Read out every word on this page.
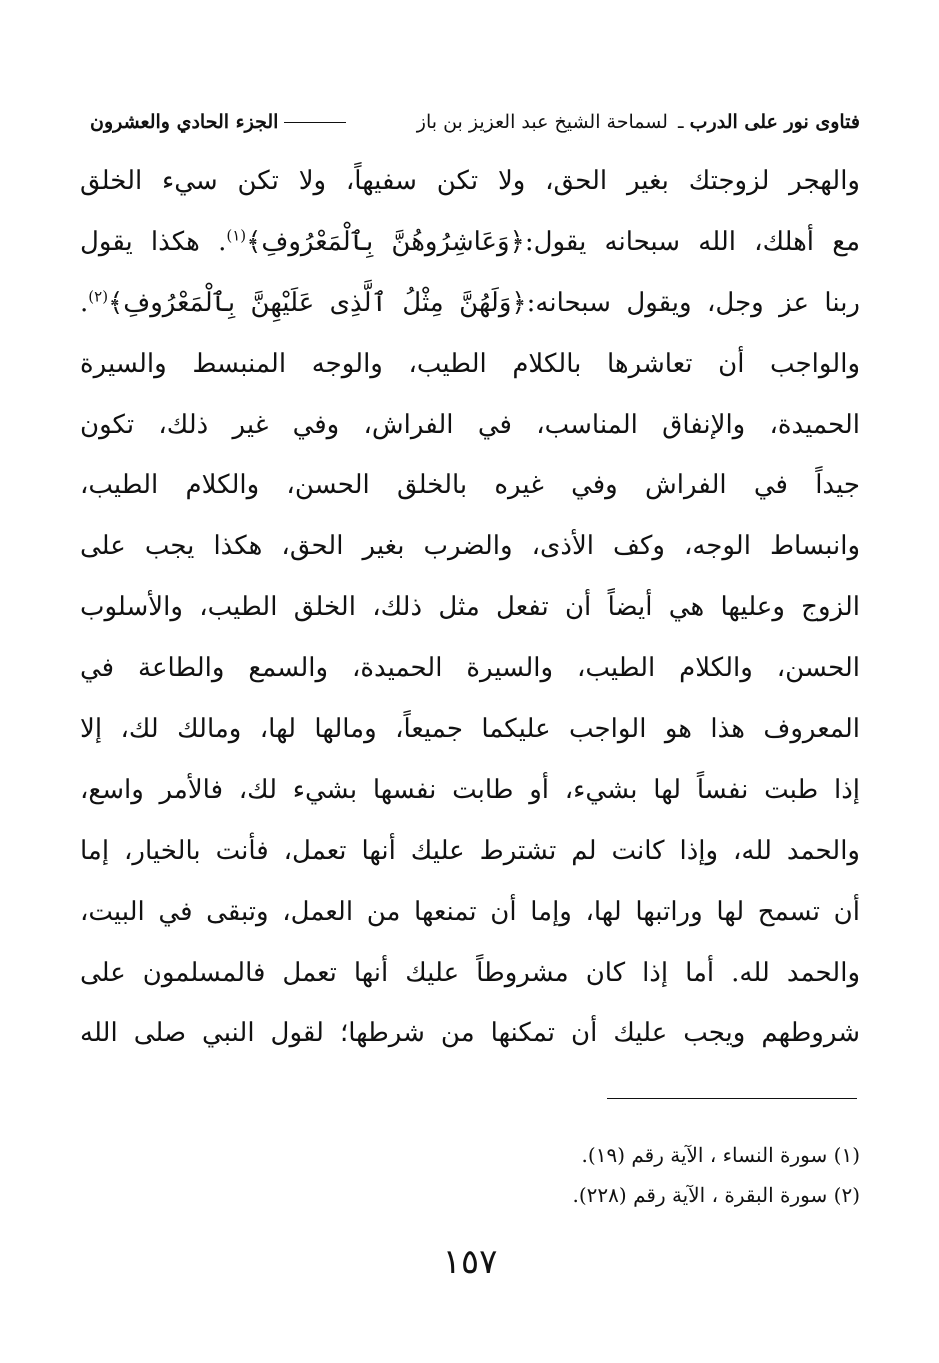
فتاوى نور على الدرب ـ لسماحة الشيخ عبد العزيز بن باز
الجزء الحادي والعشرون
والهجر لزوجتك بغير الحق، ولا تكن سفيهاً، ولا تكن سيء الخلق
مع أهلك، الله سبحانه يقول:﴿وَعَاشِرُوهُنَّ بِٱلْمَعْرُوفِ﴾$^{(١)}$. هكذا يقول
ربنا عز وجل، ويقول سبحانه:﴿وَلَهُنَّ مِثْلُ ٱلَّذِى عَلَيْهِنَّ بِٱلْمَعْرُوفِ﴾$^{(٢)}$.
والواجب أن تعاشرها بالكلام الطيب، والوجه المنبسط والسيرة
الحميدة، والإنفاق المناسب، في الفراش، وفي غير ذلك، تكون
جيداً في الفراش وفي غيره بالخلق الحسن، والكلام الطيب،
وانبساط الوجه، وكف الأذى، والضرب بغير الحق، هكذا يجب على
الزوج وعليها هي أيضاً أن تفعل مثل ذلك، الخلق الطيب، والأسلوب
الحسن، والكلام الطيب، والسيرة الحميدة، والسمع والطاعة في
المعروف هذا هو الواجب عليكما جميعاً، ومالها لها، ومالك لك، إلا
إذا طبت نفساً لها بشيء، أو طابت نفسها بشيء لك، فالأمر واسع،
والحمد لله، وإذا كانت لم تشترط عليك أنها تعمل، فأنت بالخيار، إما
أن تسمح لها وراتبها لها، وإما أن تمنعها من العمل، وتبقى في البيت،
والحمد لله. أما إذا كان مشروطاً عليك أنها تعمل فالمسلمون على
شروطهم ويجب عليك أن تمكنها من شرطها؛ لقول النبي صلى الله
(١) سورة النساء ، الآية رقم (١٩).
(٢) سورة البقرة ، الآية رقم (٢٢٨).
١٥٧
